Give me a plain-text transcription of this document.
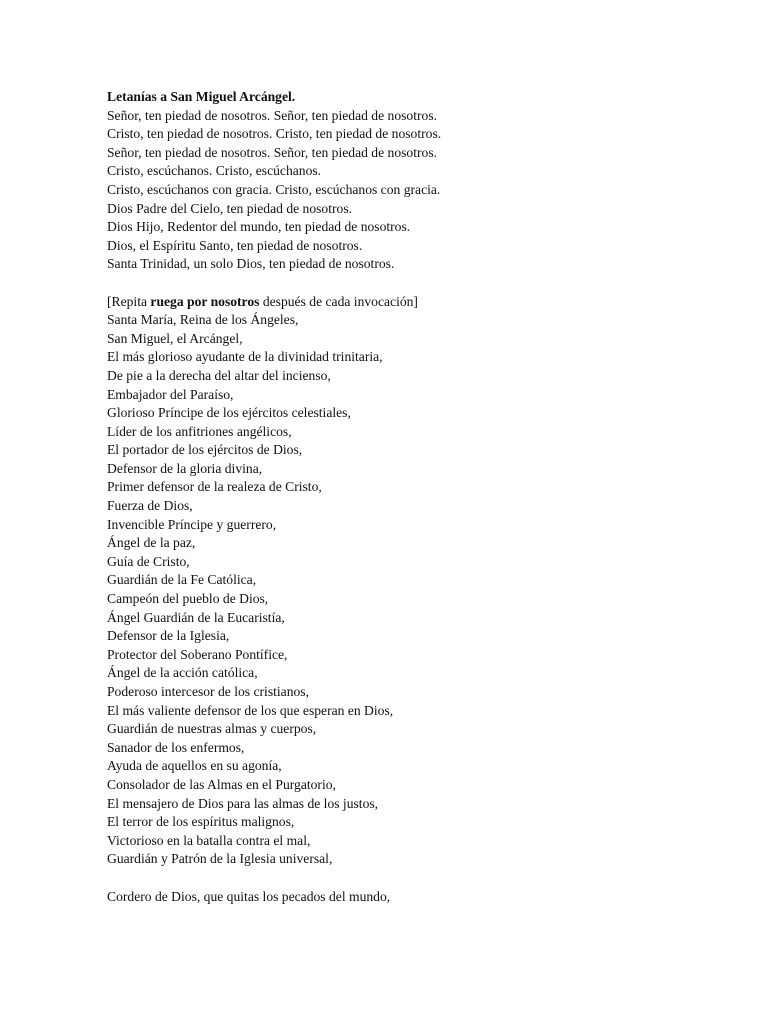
Letanías a San Miguel Arcángel.
Señor, ten piedad de nosotros. Señor, ten piedad de nosotros.
Cristo, ten piedad de nosotros. Cristo, ten piedad de nosotros.
Señor, ten piedad de nosotros. Señor, ten piedad de nosotros.
Cristo, escúchanos. Cristo, escúchanos.
Cristo, escúchanos con gracia. Cristo, escúchanos con gracia.
Dios Padre del Cielo, ten piedad de nosotros.
Dios Hijo, Redentor del mundo, ten piedad de nosotros.
Dios, el Espíritu Santo, ten piedad de nosotros.
Santa Trinidad, un solo Dios, ten piedad de nosotros.
[Repita ruega por nosotros después de cada invocación]
Santa María, Reina de los Ángeles,
San Miguel, el Arcángel,
El más glorioso ayudante de la divinidad trinitaria,
De pie a la derecha del altar del incienso,
Embajador del Paraíso,
Glorioso Príncipe de los ejércitos celestiales,
Líder de los anfitriones angélicos,
El portador de los ejércitos de Dios,
Defensor de la gloria divina,
Primer defensor de la realeza de Cristo,
Fuerza de Dios,
Invencible Príncipe y guerrero,
Ángel de la paz,
Guía de Cristo,
Guardián de la Fe Católica,
Campeón del pueblo de Dios,
Ángel Guardián de la Eucaristía,
Defensor de la Iglesia,
Protector del Soberano Pontífice,
Ángel de la acción católica,
Poderoso intercesor de los cristianos,
El más valiente defensor de los que esperan en Dios,
Guardián de nuestras almas y cuerpos,
Sanador de los enfermos,
Ayuda de aquellos en su agonía,
Consolador de las Almas en el Purgatorio,
El mensajero de Dios para las almas de los justos,
El terror de los espíritus malignos,
Victorioso en la batalla contra el mal,
Guardián y Patrón de la Iglesia universal,
Cordero de Dios, que quitas los pecados del mundo,
